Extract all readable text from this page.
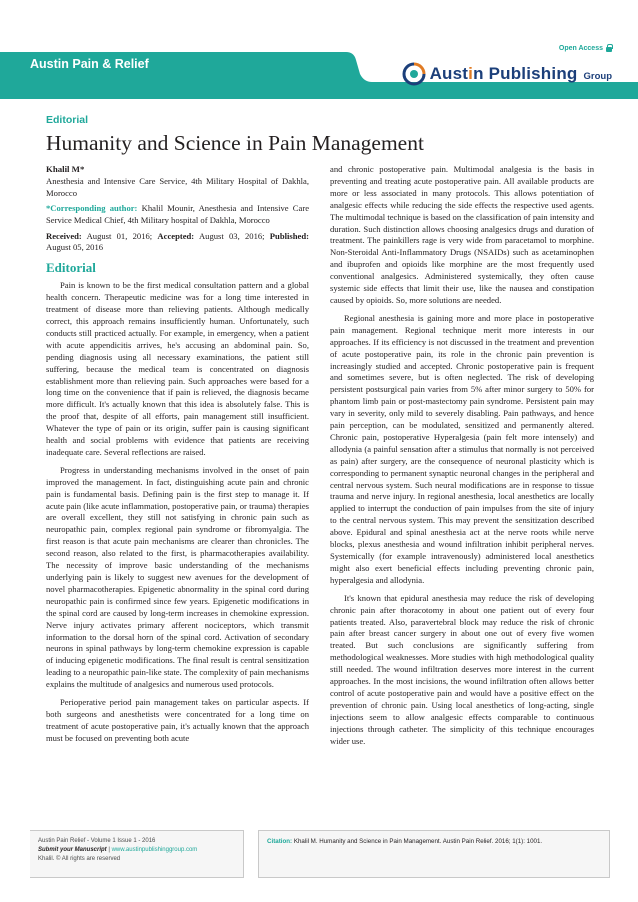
Open Access
Austin Pain & Relief	Austin Publishing Group
Editorial
Humanity and Science in Pain Management
Khalil M*
Anesthesia and Intensive Care Service, 4th Military Hospital of Dakhla, Morocco
*Corresponding author: Khalil Mounir, Anesthesia and Intensive Care Service Medical Chief, 4th Military hospital of Dakhla, Morocco
Received: August 01, 2016; Accepted: August 03, 2016; Published: August 05, 2016
Editorial

Pain is known to be the first medical consultation pattern and a global health concern. Therapeutic medicine was for a long time interested in treatment of disease more than relieving patients. Although medically correct, this approach remains insufficiently human. Unfortunately, such conducts still practiced actually. For example, in emergency, when a patient with acute appendicitis arrives, he's accusing an abdominal pain. So, pending diagnosis using all necessary examinations, the patient still suffering, because the medical team is concentrated on diagnosis establishment more than relieving pain. Such approaches were based for a long time on the convenience that if pain is relieved, the diagnosis became more difficult. It's actually known that this idea is absolutely false. This is the proof that, despite of all efforts, pain management still insufficient. Whatever the type of pain or its origin, suffer pain is causing significant health and social problems with evidence that patients are receiving inadequate care. Several reflections are raised.

Progress in understanding mechanisms involved in the onset of pain improved the management. In fact, distinguishing acute pain and chronic pain is fundamental basis. Defining pain is the first step to manage it. If acute pain (like acute inflammation, postoperative pain, or trauma) therapies are overall excellent, they still not satisfying in chronic pain such as neuropathic pain, complex regional pain syndrome or fibromyalgia. The first reason is that acute pain mechanisms are clearer than chronicles. The second reason, also related to the first, is pharmacotherapies availability. The necessity of improve basic understanding of the mechanisms underlying pain is likely to suggest new avenues for the development of novel pharmacotherapies. Epigenetic abnormality in the spinal cord during neuropathic pain is confirmed since few years. Epigenetic modifications in the spinal cord are caused by long-term increases in chemokine expression. Nerve injury activates primary afferent nociceptors, which transmit information to the dorsal horn of the spinal cord. Activation of secondary neurons in spinal pathways by long-term chemokine expression is capable of inducing epigenetic modifications. The final result is central sensitization leading to a neuropathic pain-like state. The complexity of pain mechanisms explains the multitude of analgesics and numerous used protocols.

Perioperative period pain management takes on particular aspects. If both surgeons and anesthetists were concentrated for a long time on treatment of acute postoperative pain, it's actually known that the approach must be focused on preventing both acute

and chronic postoperative pain. Multimodal analgesia is the basis in preventing and treating acute postoperative pain. All available products are more or less associated in many protocols. This allows potentiation of analgesic effects while reducing the side effects the respective used agents. The multimodal technique is based on the classification of pain intensity and duration. Such distinction allows choosing analgesics drugs and duration of treatment. The painkillers rage is very wide from paracetamol to morphine. Non-Steroidal Anti-Inflammatory Drugs (NSAIDs) such as acetaminophen and ibuprofen and opioids like morphine are the most frequently used conventional analgesics. Administered systemically, they often cause systemic side effects that limit their use, like the nausea and constipation caused by opioids. So, more solutions are needed.

Regional anesthesia is gaining more and more place in postoperative pain management. Regional technique merit more interests in our approaches. If its efficiency is not discussed in the treatment and prevention of acute postoperative pain, its role in the chronic pain prevention is increasingly studied and accepted. Chronic postoperative pain is frequent and sometimes severe, but is often neglected. The risk of developing persistent postsurgical pain varies from 5% after minor surgery to 50% for phantom limb pain or post-mastectomy pain syndrome. Persistent pain may vary in severity, only mild to severely disabling. Pain pathways, and hence pain perception, can be modulated, sensitized and permanently altered. Chronic pain, postoperative Hyperalgesia (pain felt more intensely) and allodynia (a painful sensation after a stimulus that normally is not perceived as pain) after surgery, are the consequence of neuronal plasticity which is corresponding to permanent synaptic neuronal changes in the peripheral and central nervous system. Such neural modifications are in response to tissue trauma and nerve injury. In regional anesthesia, local anesthetics are locally applied to interrupt the conduction of pain impulses from the site of injury to the central nervous system. This may prevent the sensitization described above. Epidural and spinal anesthesia act at the nerve roots while nerve blocks, plexus anesthesia and wound infiltration inhibit peripheral nerves. Systemically (for example intravenously) administered local anesthetics might also exert beneficial effects including preventing chronic pain, hyperalgesia and allodynia.

It's known that epidural anesthesia may reduce the risk of developing chronic pain after thoracotomy in about one patient out of every four patients treated. Also, paravertebral block may reduce the risk of chronic pain after breast cancer surgery in about one out of every five women treated. But such conclusions are significantly suffering from methodological weaknesses. More studies with high methodological quality still needed. The wound infiltration deserves more interest in the current approaches. In the most incisions, the wound infiltration often allows better control of acute postoperative pain and would have a positive effect on the prevention of chronic pain. Using local anesthetics of long-acting, single injections seem to allow analgesic effects comparable to continuous injections through catheter. The simplicity of this technique encourages wider use.

Austin Pain Relief - Volume 1 Issue 1 - 2016
Submit your Manuscript | www.austinpublishinggroup.com
Khalil. © All rights are reserved
Citation: Khalil M. Humanity and Science in Pain Management. Austin Pain Relief. 2016; 1(1): 1001.
